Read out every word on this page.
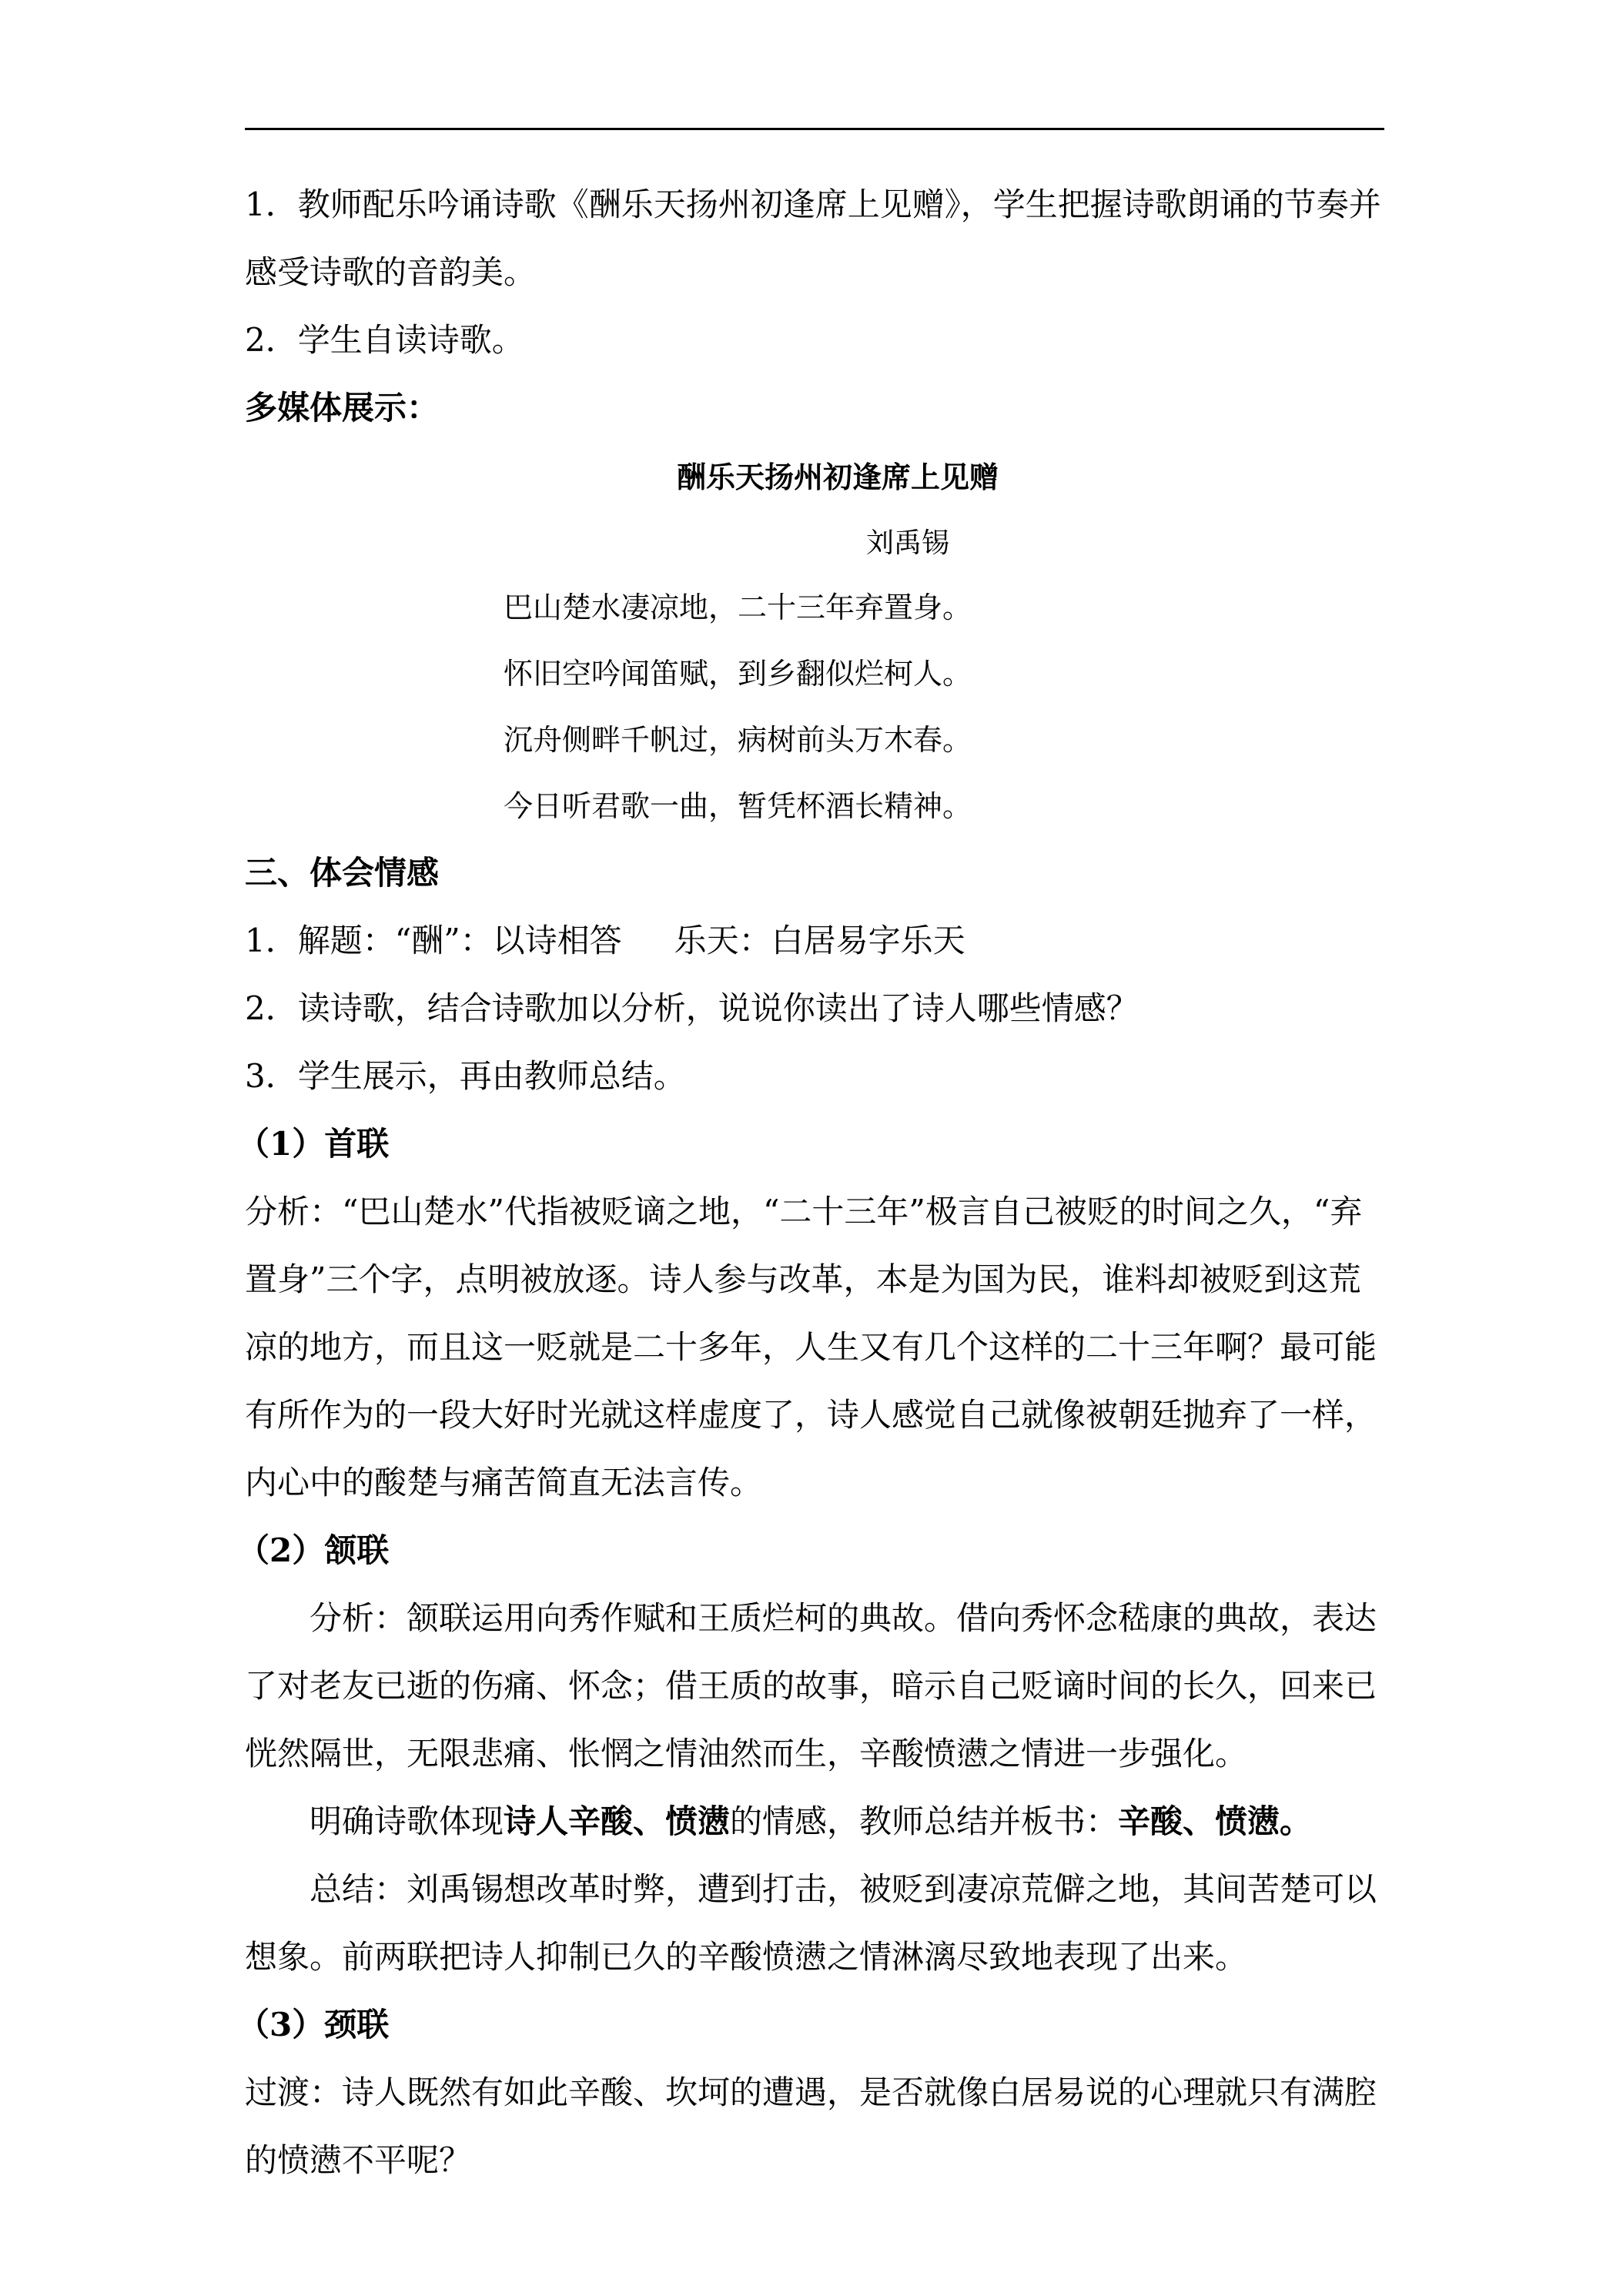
1．教师配乐吟诵诗歌《酬乐天扬州初逢席上见赠》，学生把握诗歌朗诵的节奏并感受诗歌的音韵美。

2．学生自读诗歌。

多媒体展示：

酬乐天扬州初逢席上见赠

刘禹锡

巴山楚水凄凉地，二十三年弃置身。

怀旧空吟闻笛赋，到乡翻似烂柯人。

沉舟侧畔千帆过，病树前头万木春。

今日听君歌一曲，暂凭杯酒长精神。

三、体会情感

1．解题：“酬”：以诗相答 乐天：白居易字乐天

2．读诗歌，结合诗歌加以分析，说说你读出了诗人哪些情感？

3．学生展示，再由教师总结。

（1）首联

分析：“巴山楚水”代指被贬谪之地，“二十三年”极言自己被贬的时间之久，“弃置身”三个字，点明被放逐。诗人参与改革，本是为国为民，谁料却被贬到这荒凉的地方，而且这一贬就是二十多年，人生又有几个这样的二十三年啊？最可能有所作为的一段大好时光就这样虚度了，诗人感觉自己就像被朝廷抛弃了一样，内心中的酸楚与痛苦简直无法言传。

（2）颔联

分析：颔联运用向秀作赋和王质烂柯的典故。借向秀怀念嵇康的典故，表达了对老友已逝的伤痛、怀念；借王质的故事，暗示自己贬谪时间的长久，回来已恍然隔世，无限悲痛、怅惘之情油然而生，辛酸愤懑之情进一步强化。

明确诗歌体现诗人辛酸、愤懑的情感，教师总结并板书：辛酸、愤懑。

总结：刘禹锡想改革时弊，遭到打击，被贬到凄凉荒僻之地，其间苦楚可以想象。前两联把诗人抑制已久的辛酸愤懑之情淋漓尽致地表现了出来。

（3）颈联

过渡：诗人既然有如此辛酸、坎坷的遭遇，是否就像白居易说的心理就只有满腔的愤懑不平呢？
